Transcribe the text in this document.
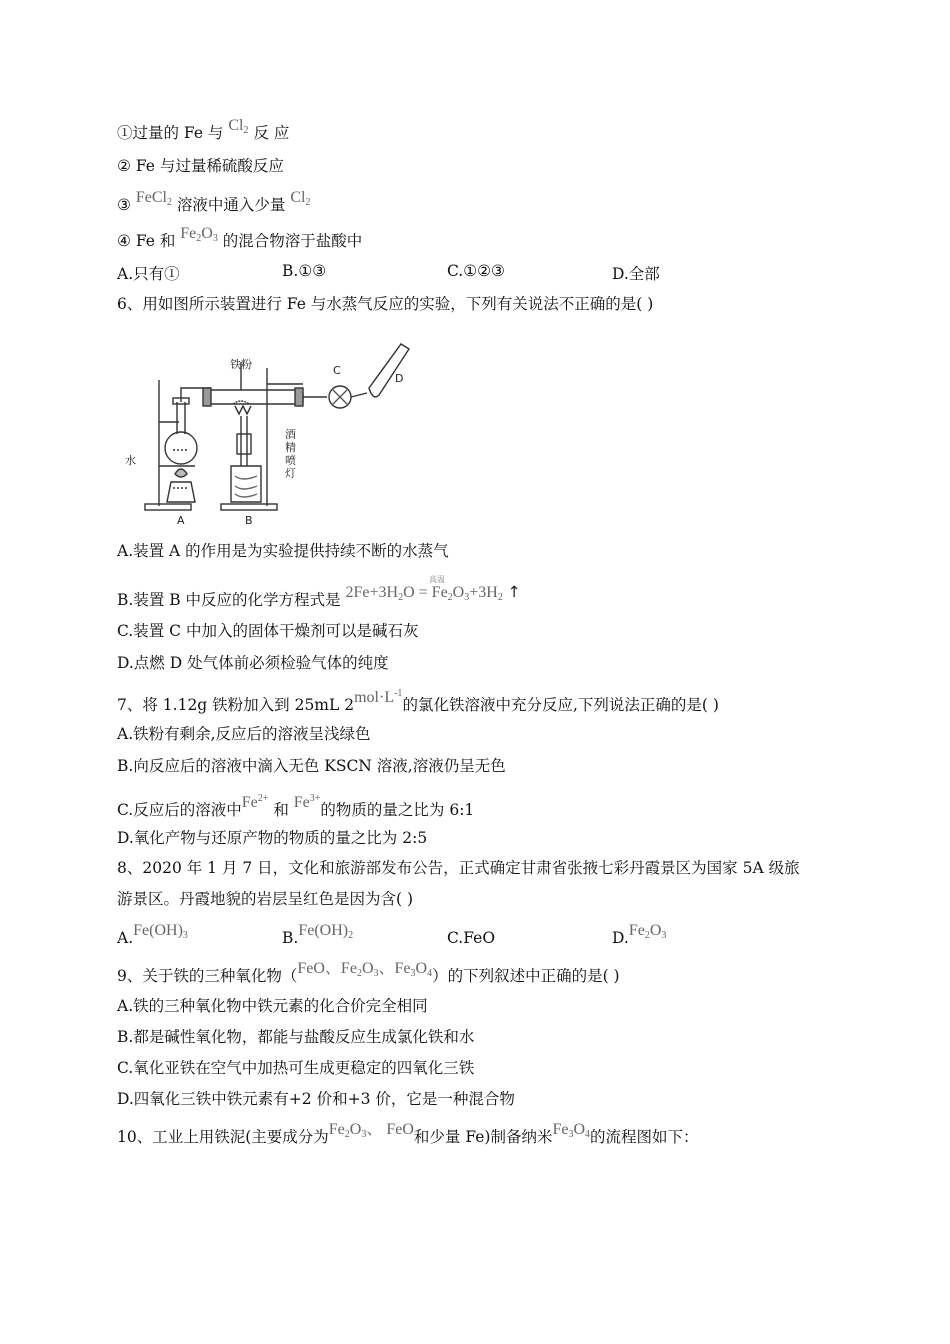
①过量的 Fe 与 $Cl_2$ 反 应
② Fe 与过量稀硫酸反应
③ FeCl$_2$ 溶液中通入少量 $Cl_2$
④ Fe 和 $Fe_2O_3$ 的混合物溶于盐酸中
A.只有①	B.①③	C.①②③	D.全部
6、用如图所示装置进行 Fe 与水蒸气反应的实验，下列有关说法不正确的是( )
铁粉
水
酒
精
喷
灯
A	B
C
D
A.装置 A 的作用是为实验提供持续不断的水蒸气
B.装置 B 中反应的化学方程式是 $2Fe+3H_2O = Fe_2O_3+3H_2$ ↑
高温
C.装置 C 中加入的固体干燥剂可以是碱石灰
D.点燃 D 处气体前必须检验气体的纯度
7、将 1.12g 铁粉加入到 25mL $2mol\cdot L^{-1}$的氯化铁溶液中充分反应,下列说法正确的是( )
A.铁粉有剩余,反应后的溶液呈浅绿色
B.向反应后的溶液中滴入无色 KSCN 溶液,溶液仍呈无色
C.反应后的溶液中$Fe^{2+}$ 和 $Fe^{3+}$的物质的量之比为 6:1
D.氧化产物与还原产物的物质的量之比为 2:5
8、2020 年 1 月 7 日，文化和旅游部发布公告，正式确定甘肃省张掖七彩丹霞景区为国家 5A 级旅
游景区。丹霞地貌的岩层呈红色是因为含( )
$A.Fe(OH)_3$	$B.Fe(OH)_2$	C.FeO	$D.Fe_2O_3$
9、关于铁的三种氧化物（FeO、$Fe_2O_3$、$Fe_3O_4$）的下列叙述中正确的是( )
A.铁的三种氧化物中铁元素的化合价完全相同
B.都是碱性氧化物，都能与盐酸反应生成氯化铁和水
C.氧化亚铁在空气中加热可生成更稳定的四氧化三铁
D.四氧化三铁中铁元素有+2 价和+3 价，它是一种混合物
10、工业上用铁泥(主要成分为$Fe_2O_3$、 FeO和少量 Fe)制备纳米$Fe_3O_4$的流程图如下：
